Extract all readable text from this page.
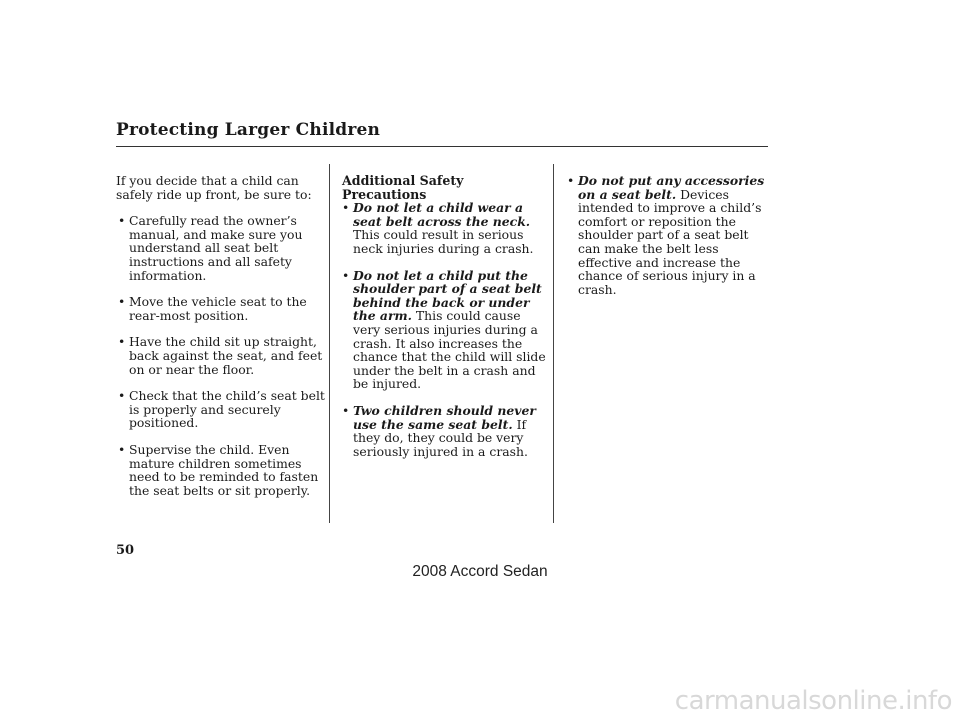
Protecting Larger Children

If you decide that a child can safely ride up front, be sure to:

• Carefully read the owner’s manual, and make sure you understand all seat belt instructions and all safety information.
• Move the vehicle seat to the rear-most position.
• Have the child sit up straight, back against the seat, and feet on or near the floor.
• Check that the child’s seat belt is properly and securely positioned.
• Supervise the child. Even mature children sometimes need to be reminded to fasten the seat belts or sit properly.

Additional Safety Precautions

• Do not let a child wear a seat belt across the neck. This could result in serious neck injuries during a crash.
• Do not let a child put the shoulder part of a seat belt behind the back or under the arm. This could cause very serious injuries during a crash. It also increases the chance that the child will slide under the belt in a crash and be injured.
• Two children should never use the same seat belt. If they do, they could be very seriously injured in a crash.
• Do not put any accessories on a seat belt. Devices intended to improve a child’s comfort or reposition the shoulder part of a seat belt can make the belt less effective and increase the chance of serious injury in a crash.
50
2008 Accord Sedan
carmanualsonline.info
